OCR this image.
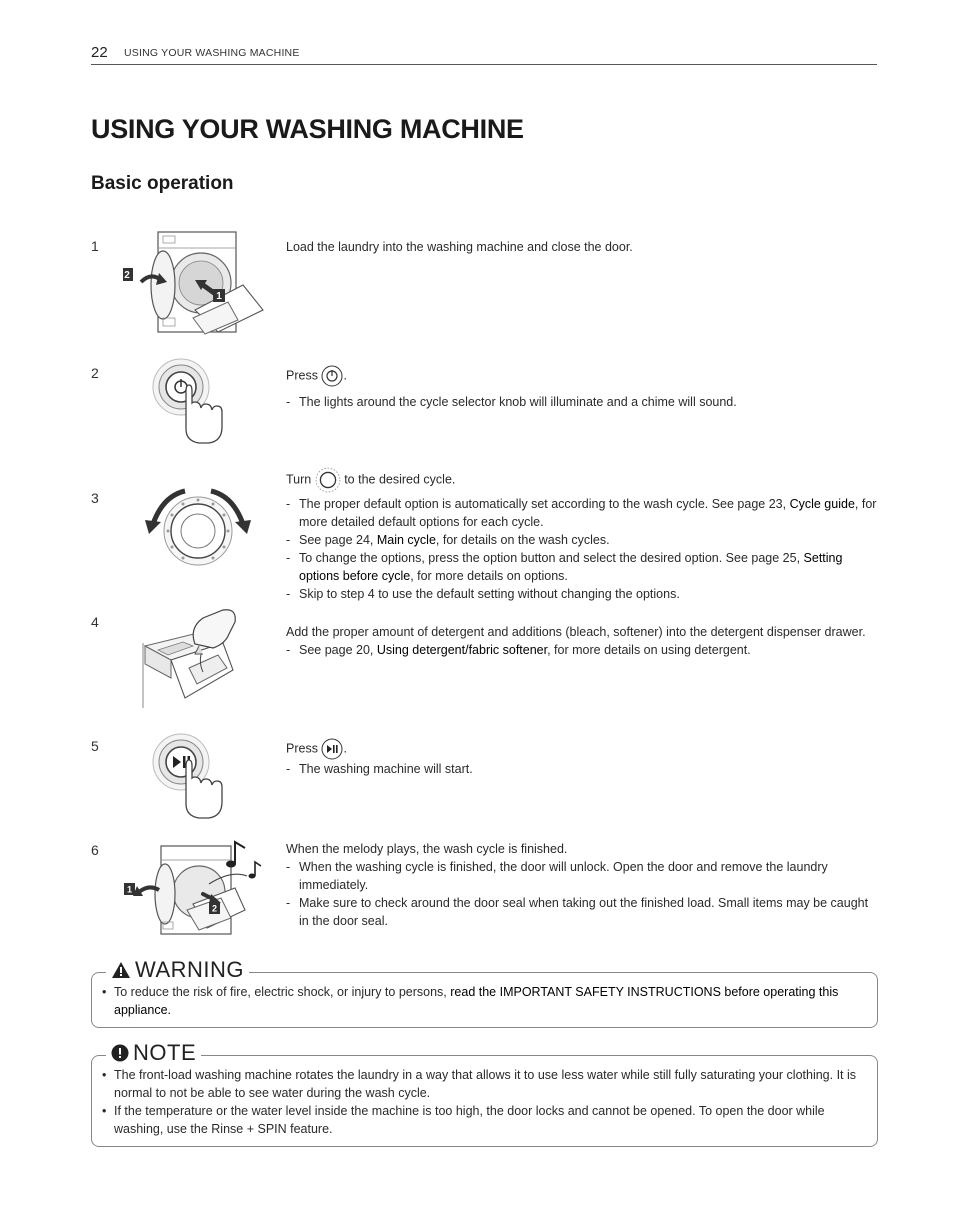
22 USING YOUR WASHING MACHINE
USING YOUR WASHING MACHINE
Basic operation
1
2
1

Load the laundry into the washing machine and close the door.

2	Press .

- The lights around the cycle selector knob will illuminate and a chime will sound.
3

Turn  to the desired cycle.

- The proper default option is automatically set according to the wash cycle. See page 23, Cycle guide, for more detailed default options for each cycle.
- See page 24, Main cycle, for details on the wash cycles.
- To change the options, press the option button and select the desired option. See page 25, Setting options before cycle, for more details on options.
- Skip to step 4 to use the default setting without changing the options.
4

Add the proper amount of detergent and additions (bleach, softener) into the detergent dispenser drawer.

- See page 20, Using detergent/fabric softener, for more details on using detergent.
5	Press .

- The washing machine will start.
6
1
2

When the melody plays, the wash cycle is finished.

- When the washing cycle is finished, the door will unlock. Open the door and remove the laundry immediately.
- Make sure to check around the door seal when taking out the finished load. Small items may be caught in the door seal.
WARNING
• To reduce the risk of fire, electric shock, or injury to persons, read the IMPORTANT SAFETY INSTRUCTIONS before operating this appliance.
NOTE
• The front-load washing machine rotates the laundry in a way that allows it to use less water while still fully saturating your clothing. It is normal to not be able to see water during the wash cycle.
• If the temperature or the water level inside the machine is too high, the door locks and cannot be opened. To open the door while washing, use the Rinse + SPIN feature.
